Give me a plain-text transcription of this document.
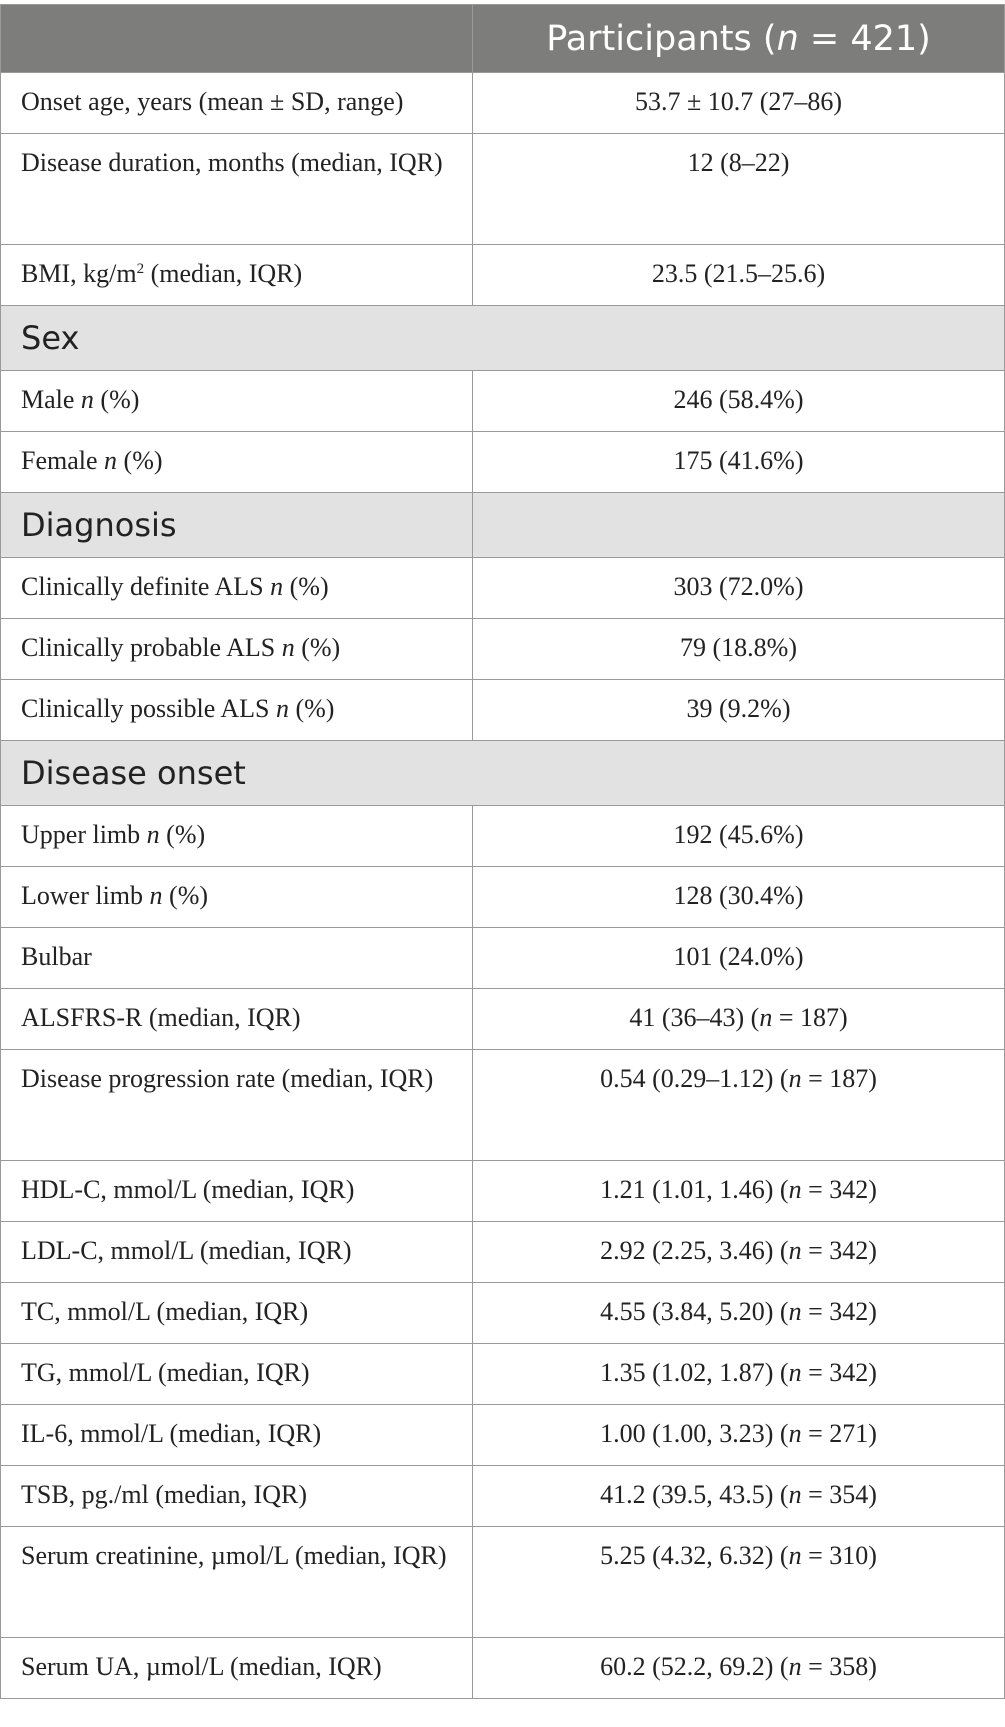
	Participants (n = 421)
Onset age, years (mean ± SD, range)	53.7 ± 10.7 (27–86)
Disease duration, months (median, IQR)	12 (8–22)
BMI, $kg/m^2$ (median, IQR)	23.5 (21.5–25.6)
Sex	
Male n (%)	246 (58.4%)
Female n (%)	175 (41.6%)
Diagnosis	
Clinically definite ALS n (%)	303 (72.0%)
Clinically probable ALS n (%)	79 (18.8%)
Clinically possible ALS n (%)	39 (9.2%)
Disease onset	
Upper limb n (%)	192 (45.6%)
Lower limb n (%)	128 (30.4%)
Bulbar	101 (24.0%)
ALSFRS-R (median, IQR)	41 (36–43) (n = 187)
Disease progression rate (median, IQR)	0.54 (0.29–1.12) (n = 187)
HDL-C, mmol/L (median, IQR)	1.21 (1.01, 1.46) (n = 342)
LDL-C, mmol/L (median, IQR)	2.92 (2.25, 3.46) (n = 342)
TC, mmol/L (median, IQR)	4.55 (3.84, 5.20) (n = 342)
TG, mmol/L (median, IQR)	1.35 (1.02, 1.87) (n = 342)
IL-6, mmol/L (median, IQR)	1.00 (1.00, 3.23) (n = 271)
TSB, pg./ml (median, IQR)	41.2 (39.5, 43.5) (n = 354)
Serum creatinine, µmol/L (median, IQR)	5.25 (4.32, 6.32) (n = 310)
Serum UA, µmol/L (median, IQR)	60.2 (52.2, 69.2) (n = 358)
